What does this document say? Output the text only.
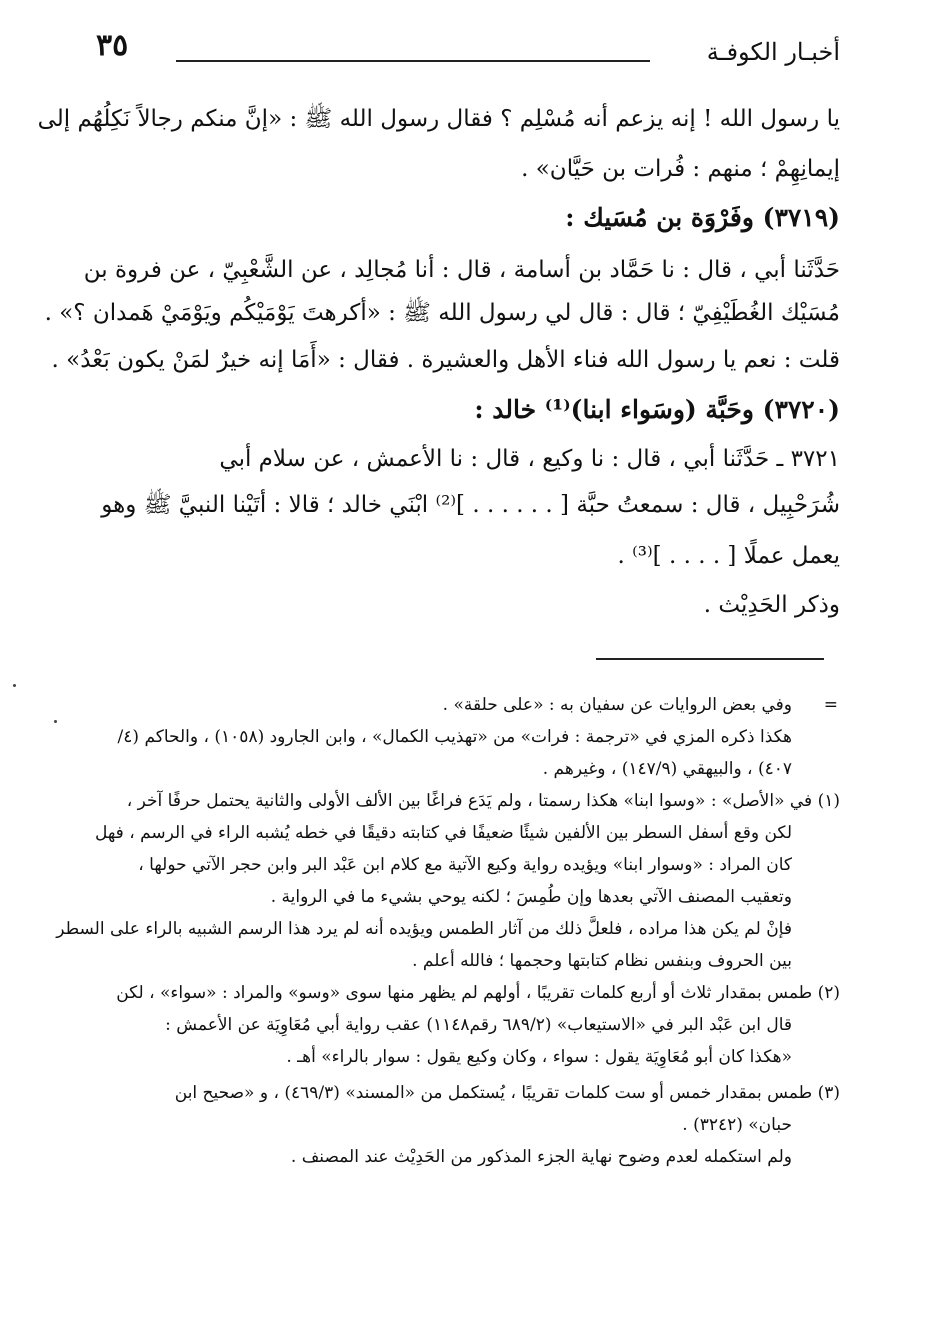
٣٥	أخبـار الكوفـة
يا رسول الله ! إنه يزعم أنه مُسْلِم ؟ فقال رسول الله ﷺ : «إنَّ منكم رجالاً نَكِلُهُم إلى
إيمانِهِمْ ؛ منهم : فُرات بن حَيَّان» .
(٣٧١٩) وفَرْوَة بن مُسَيك :
حَدَّثَنا أبي ، قال : نا حَمَّاد بن أسامة ، قال : أنا مُجالِد ، عن الشَّعْبِيّ ، عن فروة بن
مُسَيْك الغُطَيْفِيّ ؛ قال : قال لي رسول الله ﷺ : «أكرهتَ يَوْمَيْكُم ويَوْمَيْ هَمدان ؟» .
قلت : نعم يا رسول الله فناء الأهل والعشيرة . فقال : «أَمَا إنه خيرٌ لمَنْ يكون بَعْدُ» .
(٣٧٢٠) وحَبَّة (وسَواء ابنا)⁽¹⁾ خالد :
٣٧٢١ ـ حَدَّثَنا أبي ، قال : نا وكيع ، قال : نا الأعمش ، عن سلام أبي
شُرَحْبِيل ، قال : سمعتُ حبَّة [ . . . . . . ]⁽²⁾ ابْنَي خالد ؛ قالا : أتَيْنا النبيَّ ﷺ وهو
يعمل عملًا [ . . . . ]⁽³⁾ .
وذكر الحَدِيْث .
=
وفي بعض الروايات عن سفيان به : «على حلقة» .
هكذا ذكره المزي في «ترجمة : فرات» من «تهذيب الكمال» ، وابن الجارود (١٠٥٨) ، والحاكم (٤/
٤٠٧) ، والبيهقي (١٤٧/٩) ، وغيرهم .
(١) في «الأصل» : «وسوا ابنا» هكذا رسمتا ، ولم يَدَع فراغًا بين الألف الأولى والثانية يحتمل حرفًا آخر ،
لكن وقع أسفل السطر بين الألفين شيئًا ضعيفًا في كتابته دقيقًا في خطه يُشبه الراء في الرسم ، فهل
كان المراد : «وسوار ابنا» ويؤيده رواية وكيع الآتية مع كلام ابن عَبْد البر وابن حجر الآتي حولها ،
وتعقيب المصنف الآتي بعدها وإن طُمِسَ ؛ لكنه يوحي بشيء ما في الرواية .
فإنْ لم يكن هذا مراده ، فلعلَّ ذلك من آثار الطمس ويؤيده أنه لم يرد هذا الرسم الشبيه بالراء على السطر
بين الحروف وبنفس نظام كتابتها وحجمها ؛ فالله أعلم .
(٢) طمس بمقدار ثلاث أو أربع كلمات تقريبًا ، أولهم لم يظهر منها سوى «وسو» والمراد : «سواء» ، لكن
قال ابن عَبْد البر في «الاستيعاب» (٦٨٩/٢ رقم١١٤٨) عقب رواية أبي مُعَاوِيَة عن الأعمش :
«هكذا كان أبو مُعَاوِيَة يقول : سواء ، وكان وكيع يقول : سوار بالراء» أهـ .
(٣) طمس بمقدار خمس أو ست كلمات تقريبًا ، يُستكمل من «المسند» (٤٦٩/٣) ، و «صحيح ابن
حبان» (٣٢٤٢) .
ولم استكمله لعدم وضوح نهاية الجزء المذكور من الحَدِيْث عند المصنف .
